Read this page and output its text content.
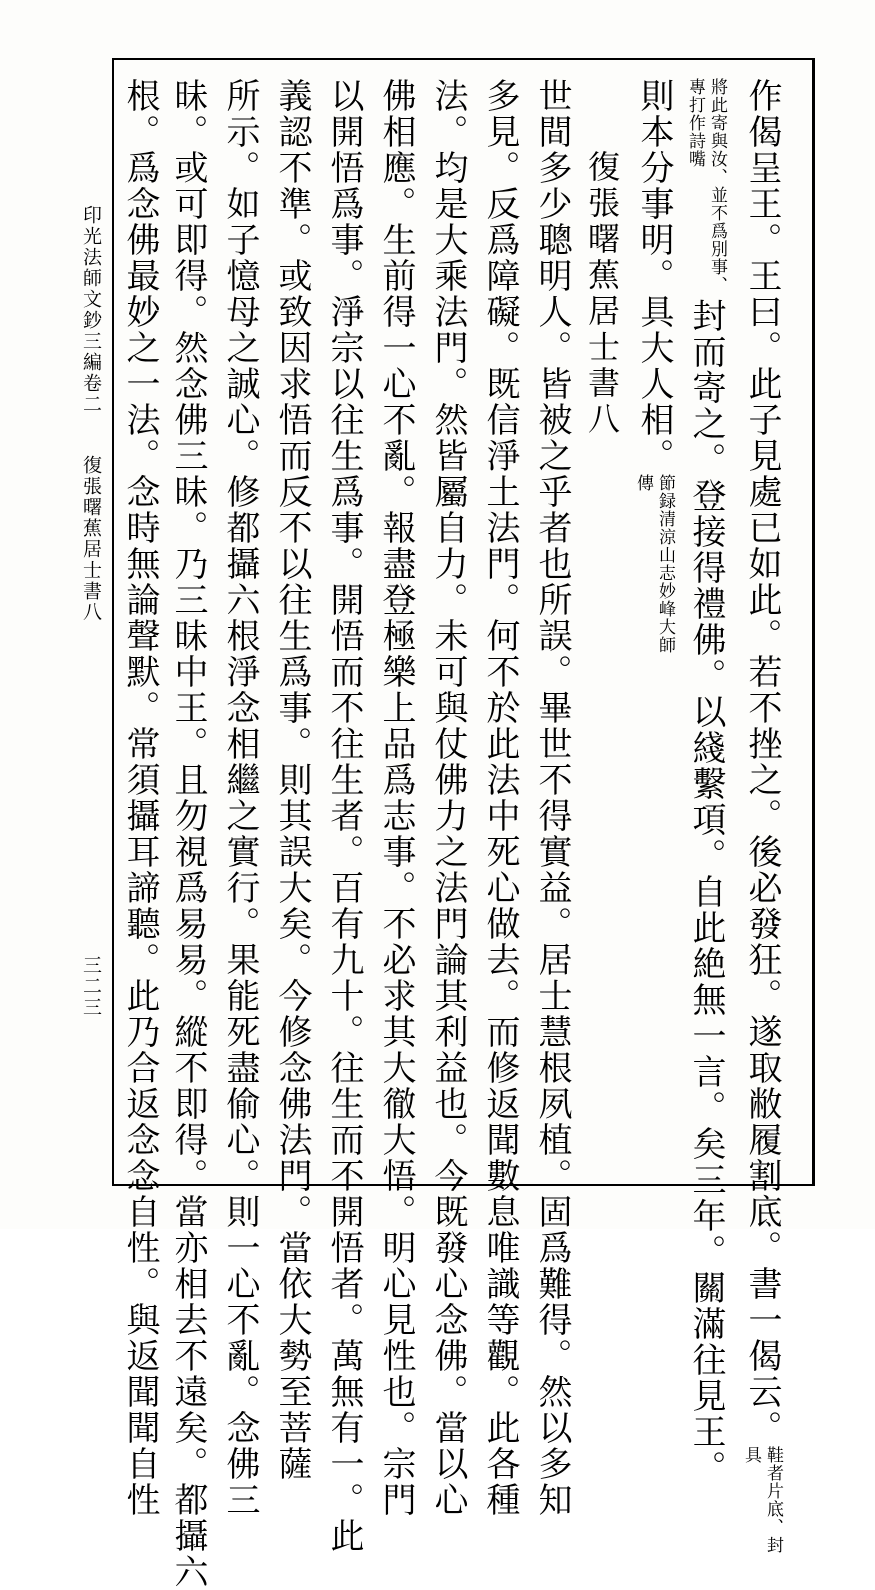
作偈呈王。王曰。此子見處已如此。若不挫之。後必發狂。遂取敝履割底。書一偈云。鞋者片底、封具
將此寄與汝、並不爲別事、專打作詩嘴封而寄之。登接得禮佛。以綫繫項。自此絶無一言。矣三年。關滿往見王。
則本分事明。具大人相。節録清涼山志妙峰大師傳
復張曙蕉居士書八
世間多少聰明人。皆被之乎者也所誤。畢世不得實益。居士慧根夙植。固爲難得。然以多知
多見。反爲障礙。既信淨土法門。何不於此法中死心做去。而修返聞數息唯識等觀。此各種
法。均是大乘法門。然皆屬自力。未可與仗佛力之法門論其利益也。今既發心念佛。當以心
佛相應。生前得一心不亂。報盡登極樂上品爲志事。不必求其大徹大悟。明心見性也。宗門
以開悟爲事。淨宗以往生爲事。開悟而不往生者。百有九十。往生而不開悟者。萬無有一。此
義認不準。或致因求悟而反不以往生爲事。則其誤大矣。今修念佛法門。當依大勢至菩薩
所示。如子憶母之誠心。修都攝六根淨念相繼之實行。果能死盡偷心。則一心不亂。念佛三
昧。或可即得。然念佛三昧。乃三昧中王。且勿視爲易易。縱不即得。當亦相去不遠矣。都攝六
根。爲念佛最妙之一法。念時無論聲默。常須攝耳諦聽。此乃合返念念自性。與返聞聞自性
印光法師文鈔三編卷二
復張曙蕉居士書八
三二三
